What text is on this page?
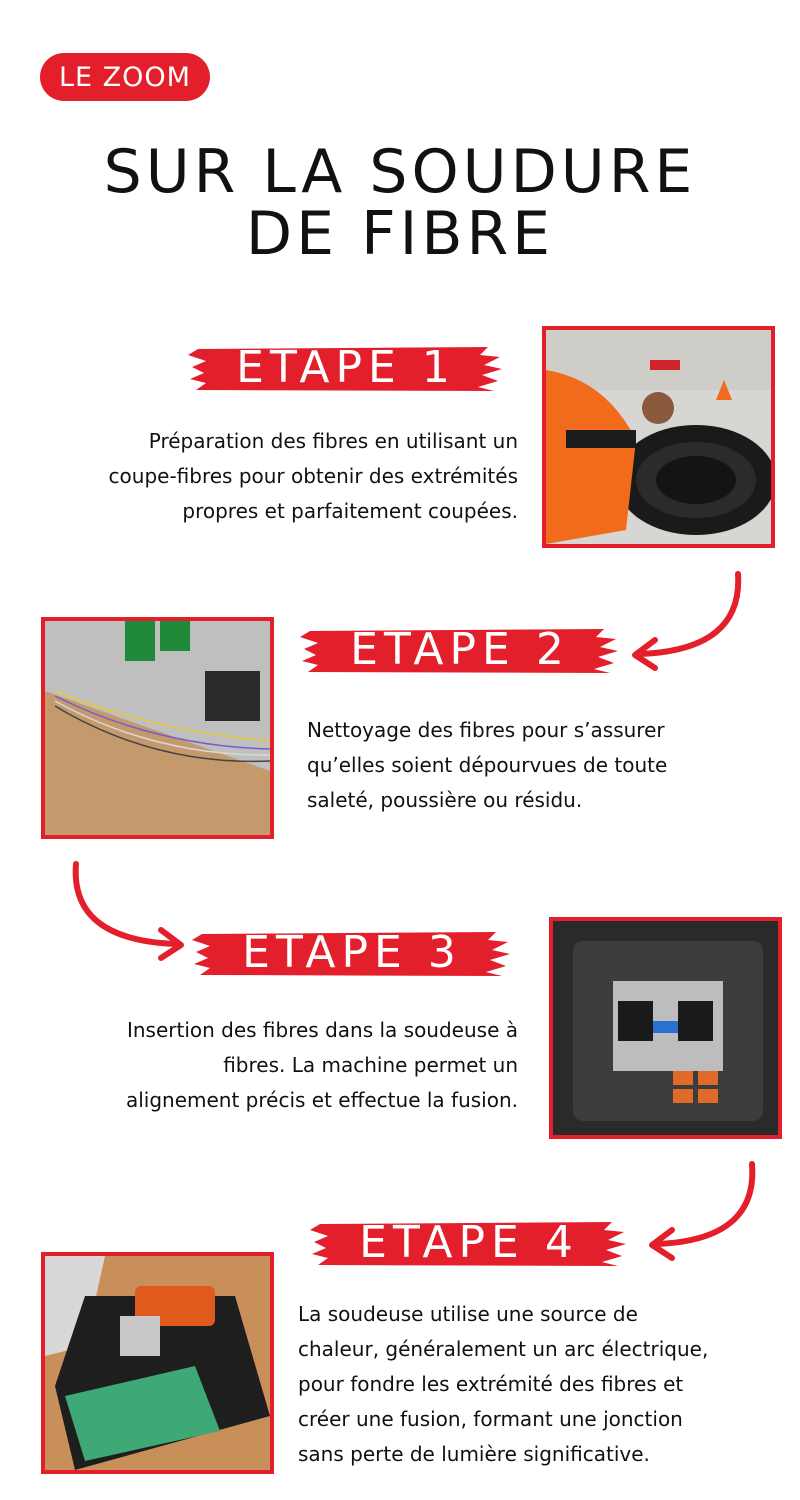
LE ZOOM
SUR LA SOUDURE
DE FIBRE
ETAPE 1
Préparation des fibres en utilisant un
coupe-fibres pour obtenir des extrémités
propres et parfaitement coupées.
ETAPE 2
Nettoyage des fibres pour s’assurer
qu’elles soient dépourvues de toute
saleté, poussière ou résidu.
ÉTAPE 3
Insertion des fibres dans la soudeuse à
fibres. La machine permet un
alignement précis et effectue la fusion.
ÉTAPE 4
La soudeuse utilise une source de
chaleur, généralement un arc électrique,
pour fondre les extrémité des fibres et
créer une fusion, formant une jonction
sans perte de lumière significative.
